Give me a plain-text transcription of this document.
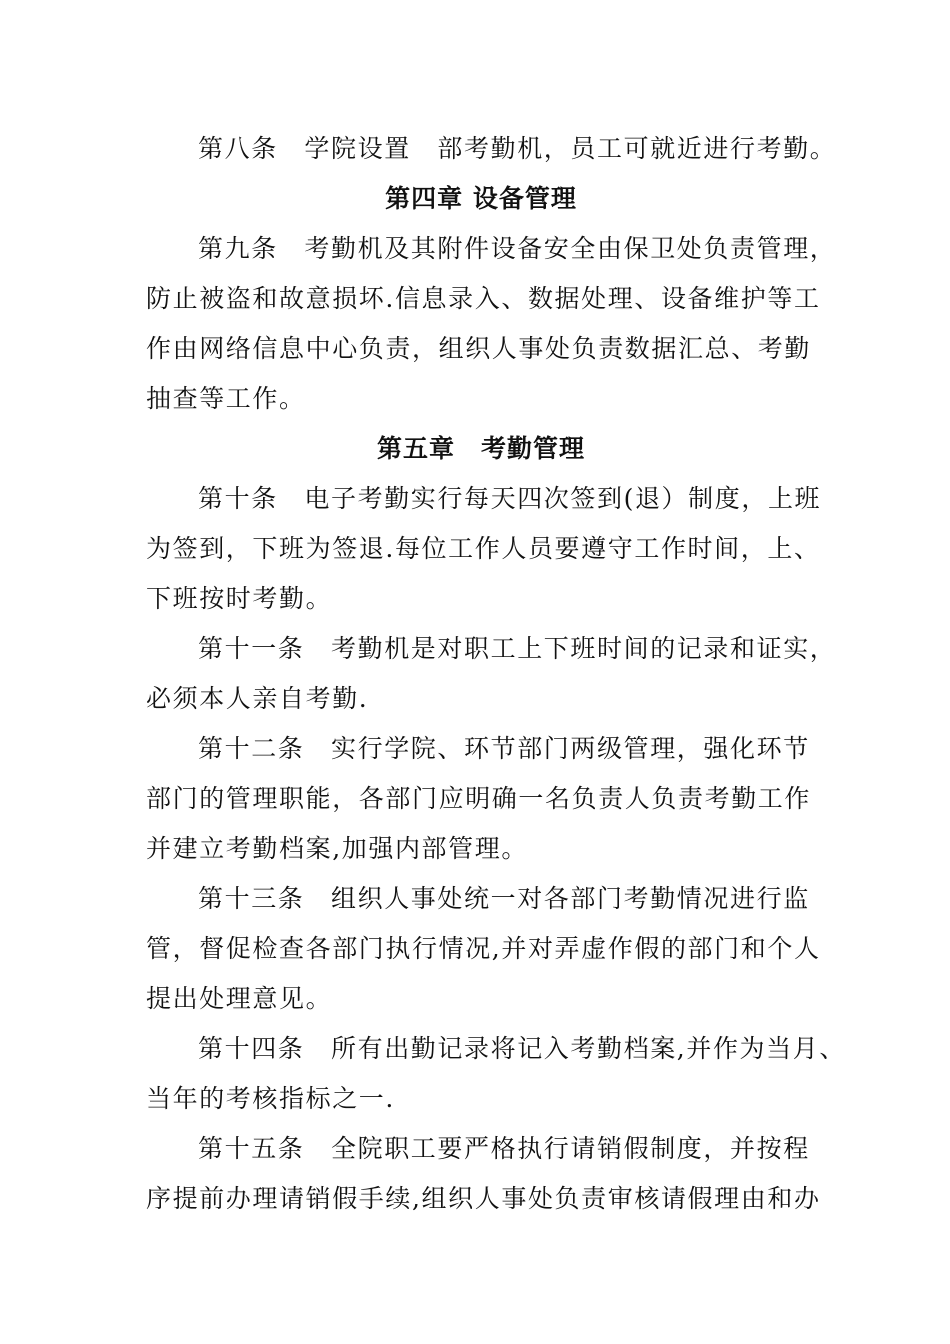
第八条　学院设置　部考勤机，员工可就近进行考勤。
第四章 设备管理
第九条　考勤机及其附件设备安全由保卫处负责管理，
防止被盗和故意损坏.信息录入、数据处理、设备维护等工
作由网络信息中心负责，组织人事处负责数据汇总、考勤
抽查等工作。
第五章　考勤管理
第十条　电子考勤实行每天四次签到(退）制度，上班
为签到，下班为签退.每位工作人员要遵守工作时间，上、
下班按时考勤。
第十一条　考勤机是对职工上下班时间的记录和证实，
必须本人亲自考勤.
第十二条　实行学院、环节部门两级管理，强化环节
部门的管理职能，各部门应明确一名负责人负责考勤工作
并建立考勤档案,加强内部管理。
第十三条　组织人事处统一对各部门考勤情况进行监
管，督促检查各部门执行情况,并对弄虚作假的部门和个人
提出处理意见。
第十四条　所有出勤记录将记入考勤档案,并作为当月、
当年的考核指标之一.
第十五条　全院职工要严格执行请销假制度，并按程
序提前办理请销假手续,组织人事处负责审核请假理由和办
